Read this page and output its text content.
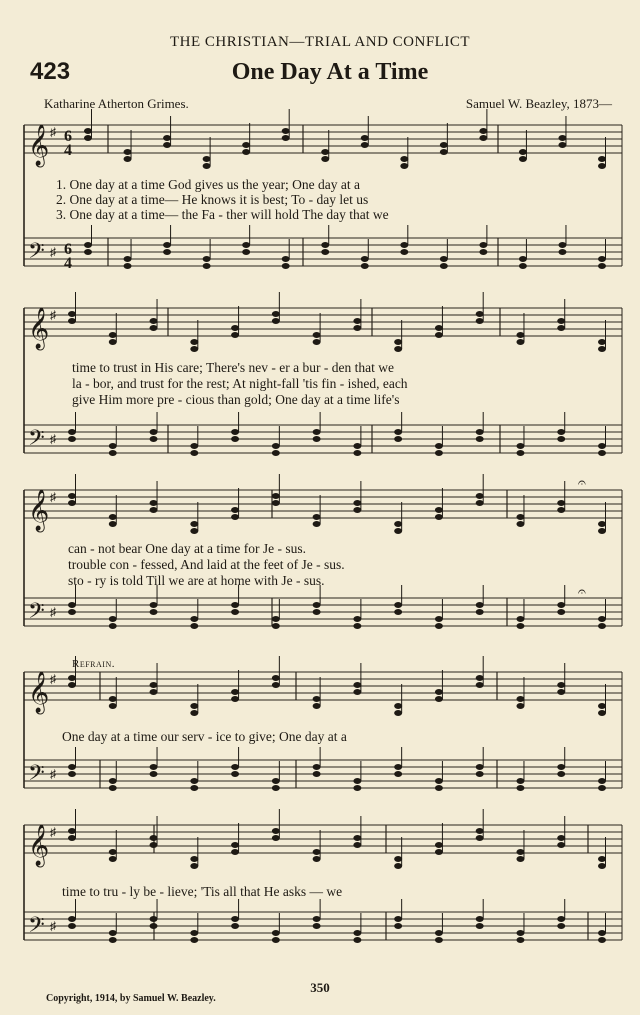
THE CHRISTIAN—TRIAL AND CONFLICT
423	One Day At a Time
Katharine Atherton Grimes.	Samuel W. Beazley, 1873—
𝄞
𝄢
♯
♯
6
4
6
4
𝄞
𝄢
♯
♯
𝄞
𝄢
♯
♯
𝄞
𝄢
♯
♯
𝄞
𝄢
♯
♯
𝄐
𝄐
1. One day at a time God gives us the year; One day at a
2. One day at a time— He knows it is best; To - day let us
3. One day at a time— the Fa - ther will hold The day that we
time to trust in His care; There's nev - er a bur - den that we
la - bor, and trust for the rest; At night-fall 'tis fin - ished, each
give Him more pre - cious than gold; One day at a time life's
can - not bear One day at a time for Je - sus.
trouble con - fessed, And laid at the feet of Je - sus.
sto - ry is told Till we are at home with Je - sus.
Refrain.
One day at a time our serv - ice to give; One day at a
time to tru - ly be - lieve; 'Tis all that He asks — we
350
Copyright, 1914, by Samuel W. Beazley.
